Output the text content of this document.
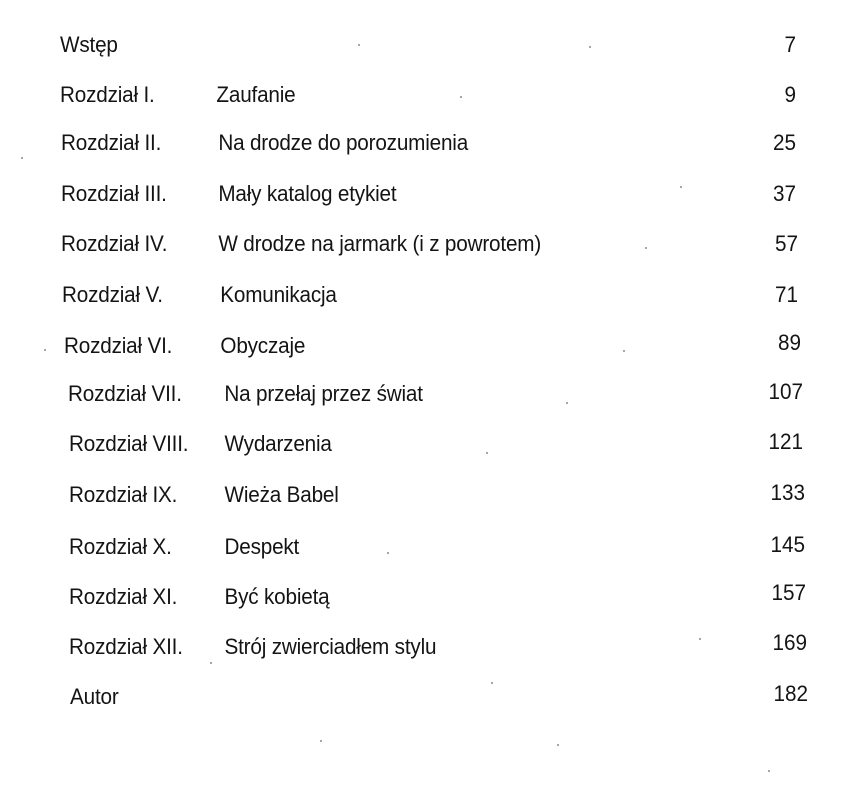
Wstęp	7
Rozdział I.	Zaufanie	9
Rozdział II.	Na drodze do porozumienia	25
Rozdział III. Mały katalog etykiet	37
Rozdział IV. W drodze na jarmark (i z powrotem)	57
Rozdział V.	Komunikacja	71
Rozdział VI. Obyczaje	89
Rozdział VII. Na przełaj przez świat	107
Rozdział VIII. Wydarzenia	121
Rozdział IX. Wieża Babel	133
Rozdział X. Despekt	145
Rozdział XI. Być kobietą	157
Rozdział XII. Strój zwierciadłem stylu	169
Autor	182
